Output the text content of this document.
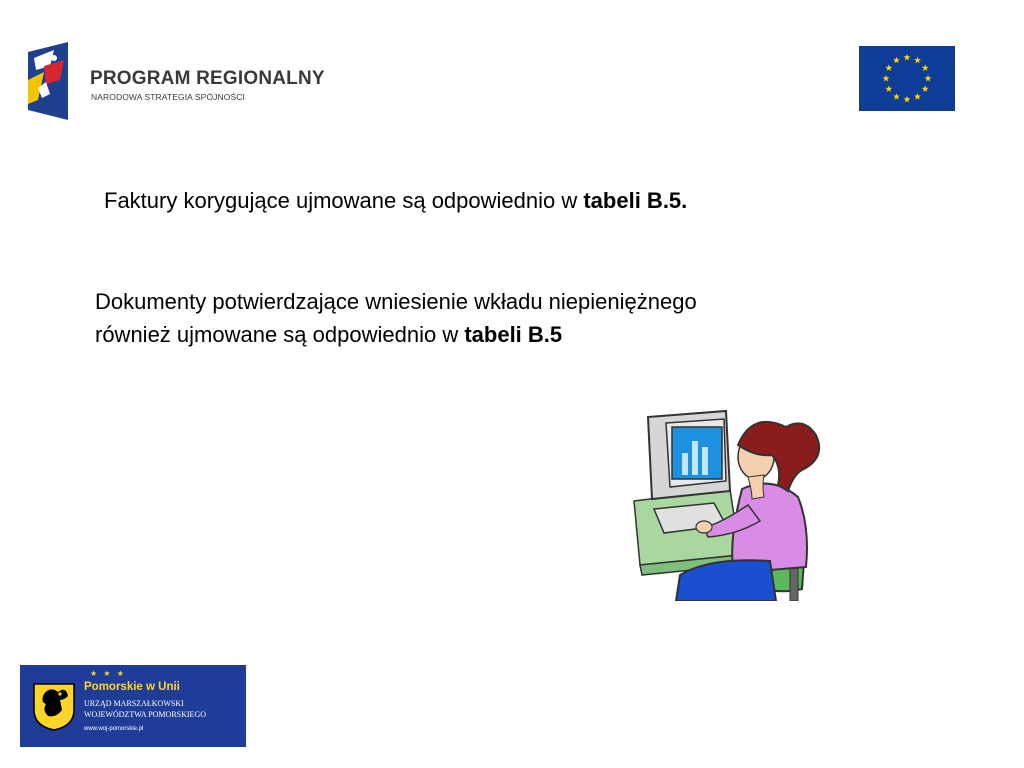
PROGRAM REGIONALNY
NARODOWA STRATEGIA SPÓJNOŚCI
Faktury korygujące ujmowane są odpowiednio w tabeli B.5.
Dokumenty potwierdzające wniesienie wkładu niepieniężnego
również ujmowane są odpowiednio w tabeli B.5
★ ★ ★
Pomorskie w Unii
URZĄD MARSZAŁKOWSKI
WOJEWÓDZTWA POMORSKIEGO
www.woj-pomorskie.pl
